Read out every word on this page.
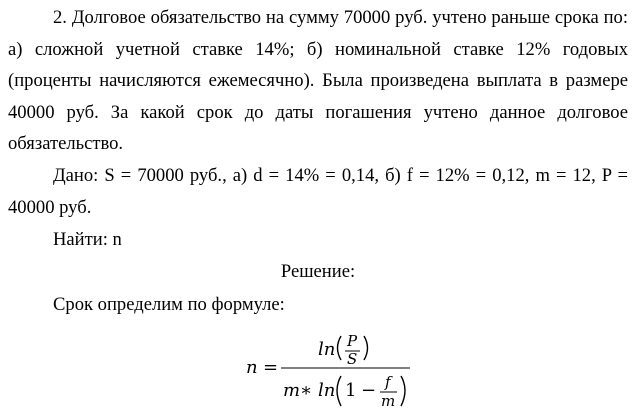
2. Долговое обязательство на сумму 70000 руб. учтено раньше срока по:
а) сложной учетной ставке 14%; б) номинальной ставке 12% годовых
(проценты начисляются ежемесячно). Была произведена выплата в размере
40000 руб. За какой срок до даты погашения учтено данное долговое
обязательство.
Дано: S = 70000 руб., а) d = 14% = 0,14, б) f = 12% = 0,12, m = 12, P =
40000 руб.
Найти: n
Решение:
Срок определим по формуле:
n =
ln P
S
m ∗ ln 1 − f
m
